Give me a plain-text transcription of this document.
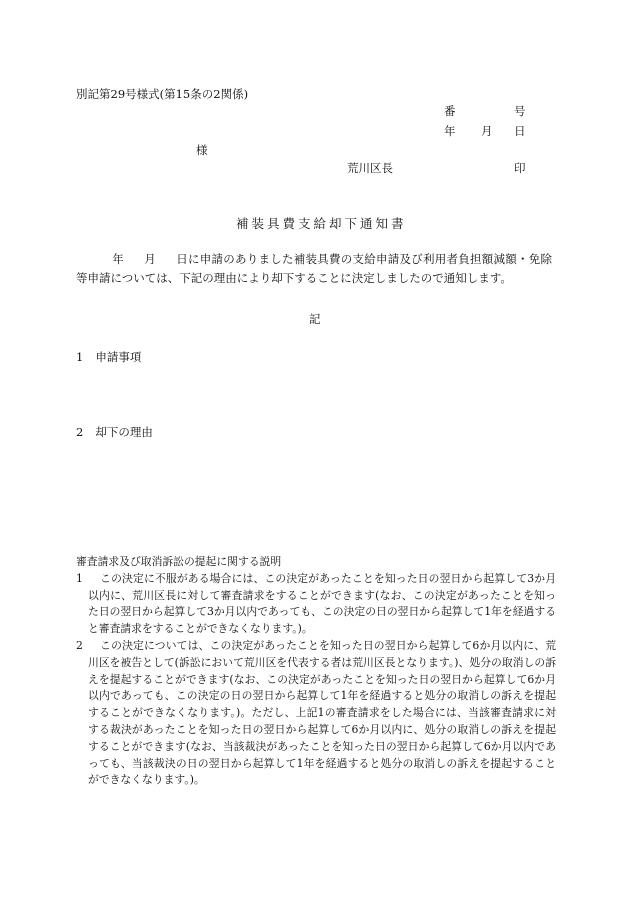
別記第29号様式(第15条の2関係)
番	号
年 月 日
様
荒川区長	印
補装具費支給却下通知書
年 月 日に申請のありました補装具費の支給申請及び利用者負担額減額・免除等申請については、下記の理由により却下することに決定しましたので通知します。
記
1 申請事項
2 却下の理由
審査請求及び取消訴訟の提起に関する説明
1 この決定に不服がある場合には、この決定があったことを知った日の翌日から起算して3か月以内に、荒川区長に対して審査請求をすることができます(なお、この決定があったことを知った日の翌日から起算して3か月以内であっても、この決定の日の翌日から起算して1年を経過すると審査請求をすることができなくなります。)。
2 この決定については、この決定があったことを知った日の翌日から起算して6か月以内に、荒川区を被告として(訴訟において荒川区を代表する者は荒川区長となります。)、処分の取消しの訴えを提起することができます(なお、この決定があったことを知った日の翌日から起算して6か月以内であっても、この決定の日の翌日から起算して1年を経過すると処分の取消しの訴えを提起することができなくなります。)。ただし、上記1の審査請求をした場合には、当該審査請求に対する裁決があったことを知った日の翌日から起算して6か月以内に、処分の取消しの訴えを提起することができます(なお、当該裁決があったことを知った日の翌日から起算して6か月以内であっても、当該裁決の日の翌日から起算して1年を経過すると処分の取消しの訴えを提起することができなくなります。)。
